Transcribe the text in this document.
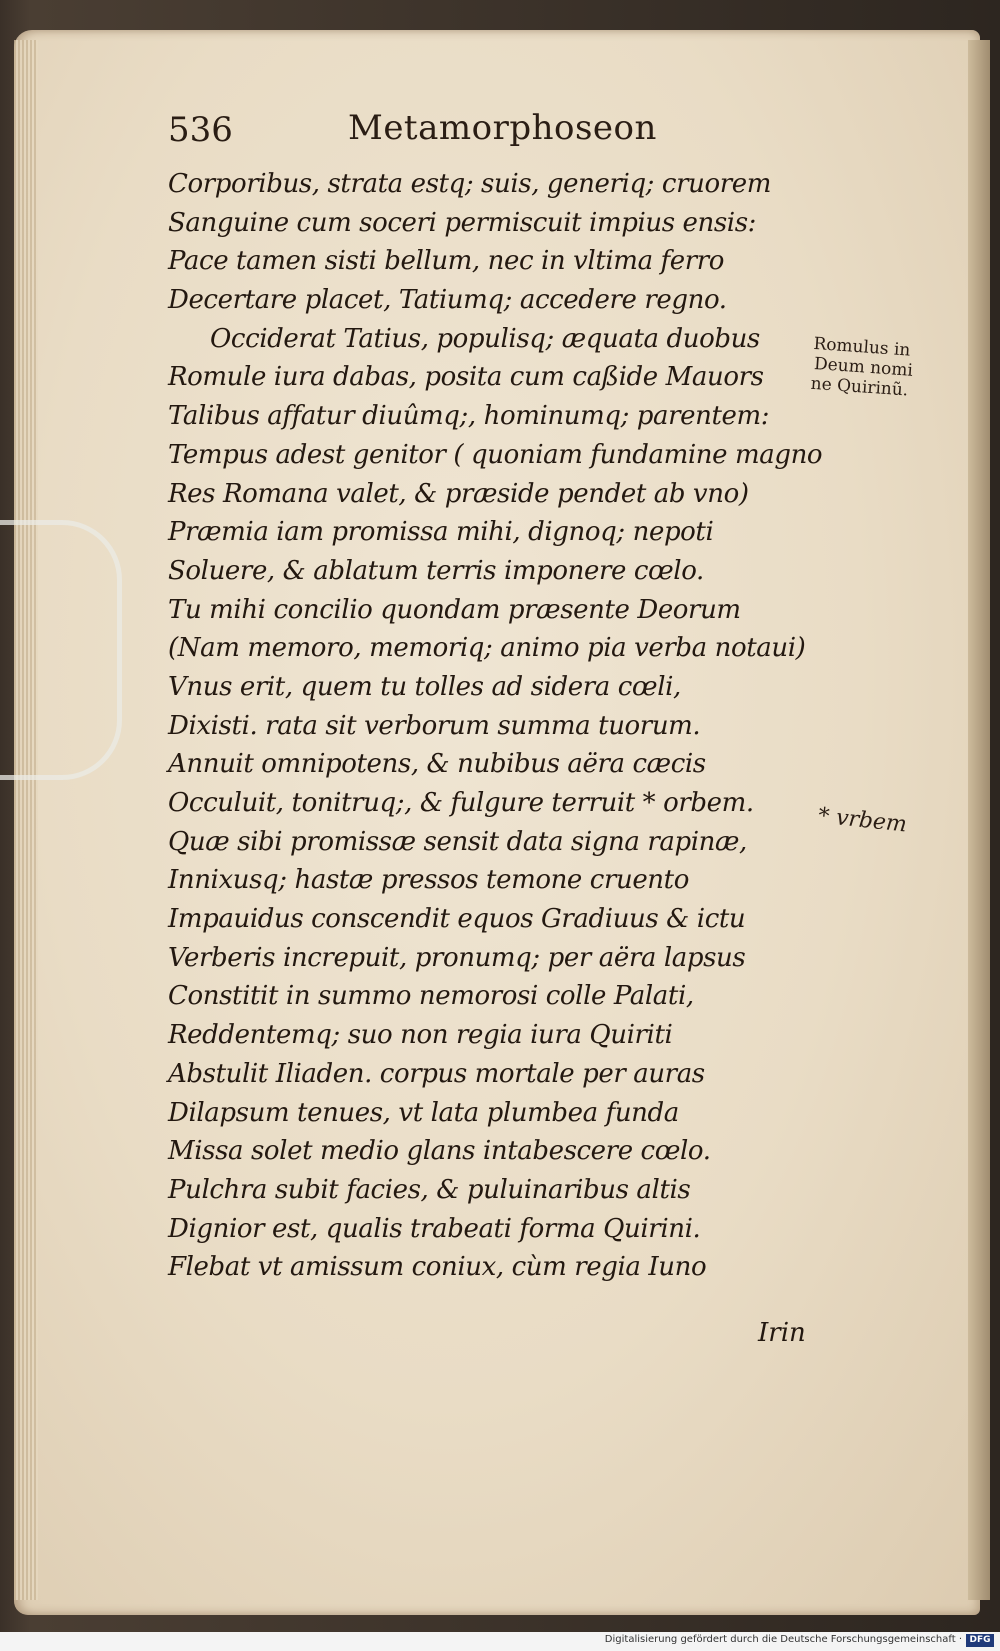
536	Metamorphoseon
Corporibus, strata estq; suis, generiq; cruorem
Sanguine cum soceri permiscuit impius ensis:
Pace tamen sisti bellum, nec in vltima ferro
Decertare placet, Tatiumq; accedere regno.
Occiderat Tatius, populisq; æquata duobus
Romule iura dabas, posita cum caßide Mauors
Talibus affatur diuûmq;, hominumq; parentem:
Tempus adest genitor ( quoniam fundamine magno
Res Romana valet, & præside pendet ab vno)
Præmia iam promissa mihi, dignoq; nepoti
Soluere, & ablatum terris imponere cœlo.
Tu mihi concilio quondam præsente Deorum
(Nam memoro, memoriq; animo pia verba notaui)
Vnus erit, quem tu tolles ad sidera cœli,
Dixisti. rata sit verborum summa tuorum.
Annuit omnipotens, & nubibus aëra cæcis
Occuluit, tonitruq;, & fulgure terruit * orbem.
Quæ sibi promissæ sensit data signa rapinæ,
Innixusq; hastæ pressos temone cruento
Impauidus conscendit equos Gradiuus & ictu
Verberis increpuit, pronumq; per aëra lapsus
Constitit in summo nemorosi colle Palati,
Reddentemq; suo non regia iura Quiriti
Abstulit Iliaden. corpus mortale per auras
Dilapsum tenues, vt lata plumbea funda
Missa solet medio glans intabescere cœlo.
Pulchra subit facies, & puluinaribus altis
Dignior est, qualis trabeati forma Quirini.
Flebat vt amissum coniux, cùm regia Iuno
Romulus in
Deum nomi
ne Quirinũ.
* vrbem
Irin
Digitalisierung gefördert durch die Deutsche Forschungsgemeinschaft · DFG
